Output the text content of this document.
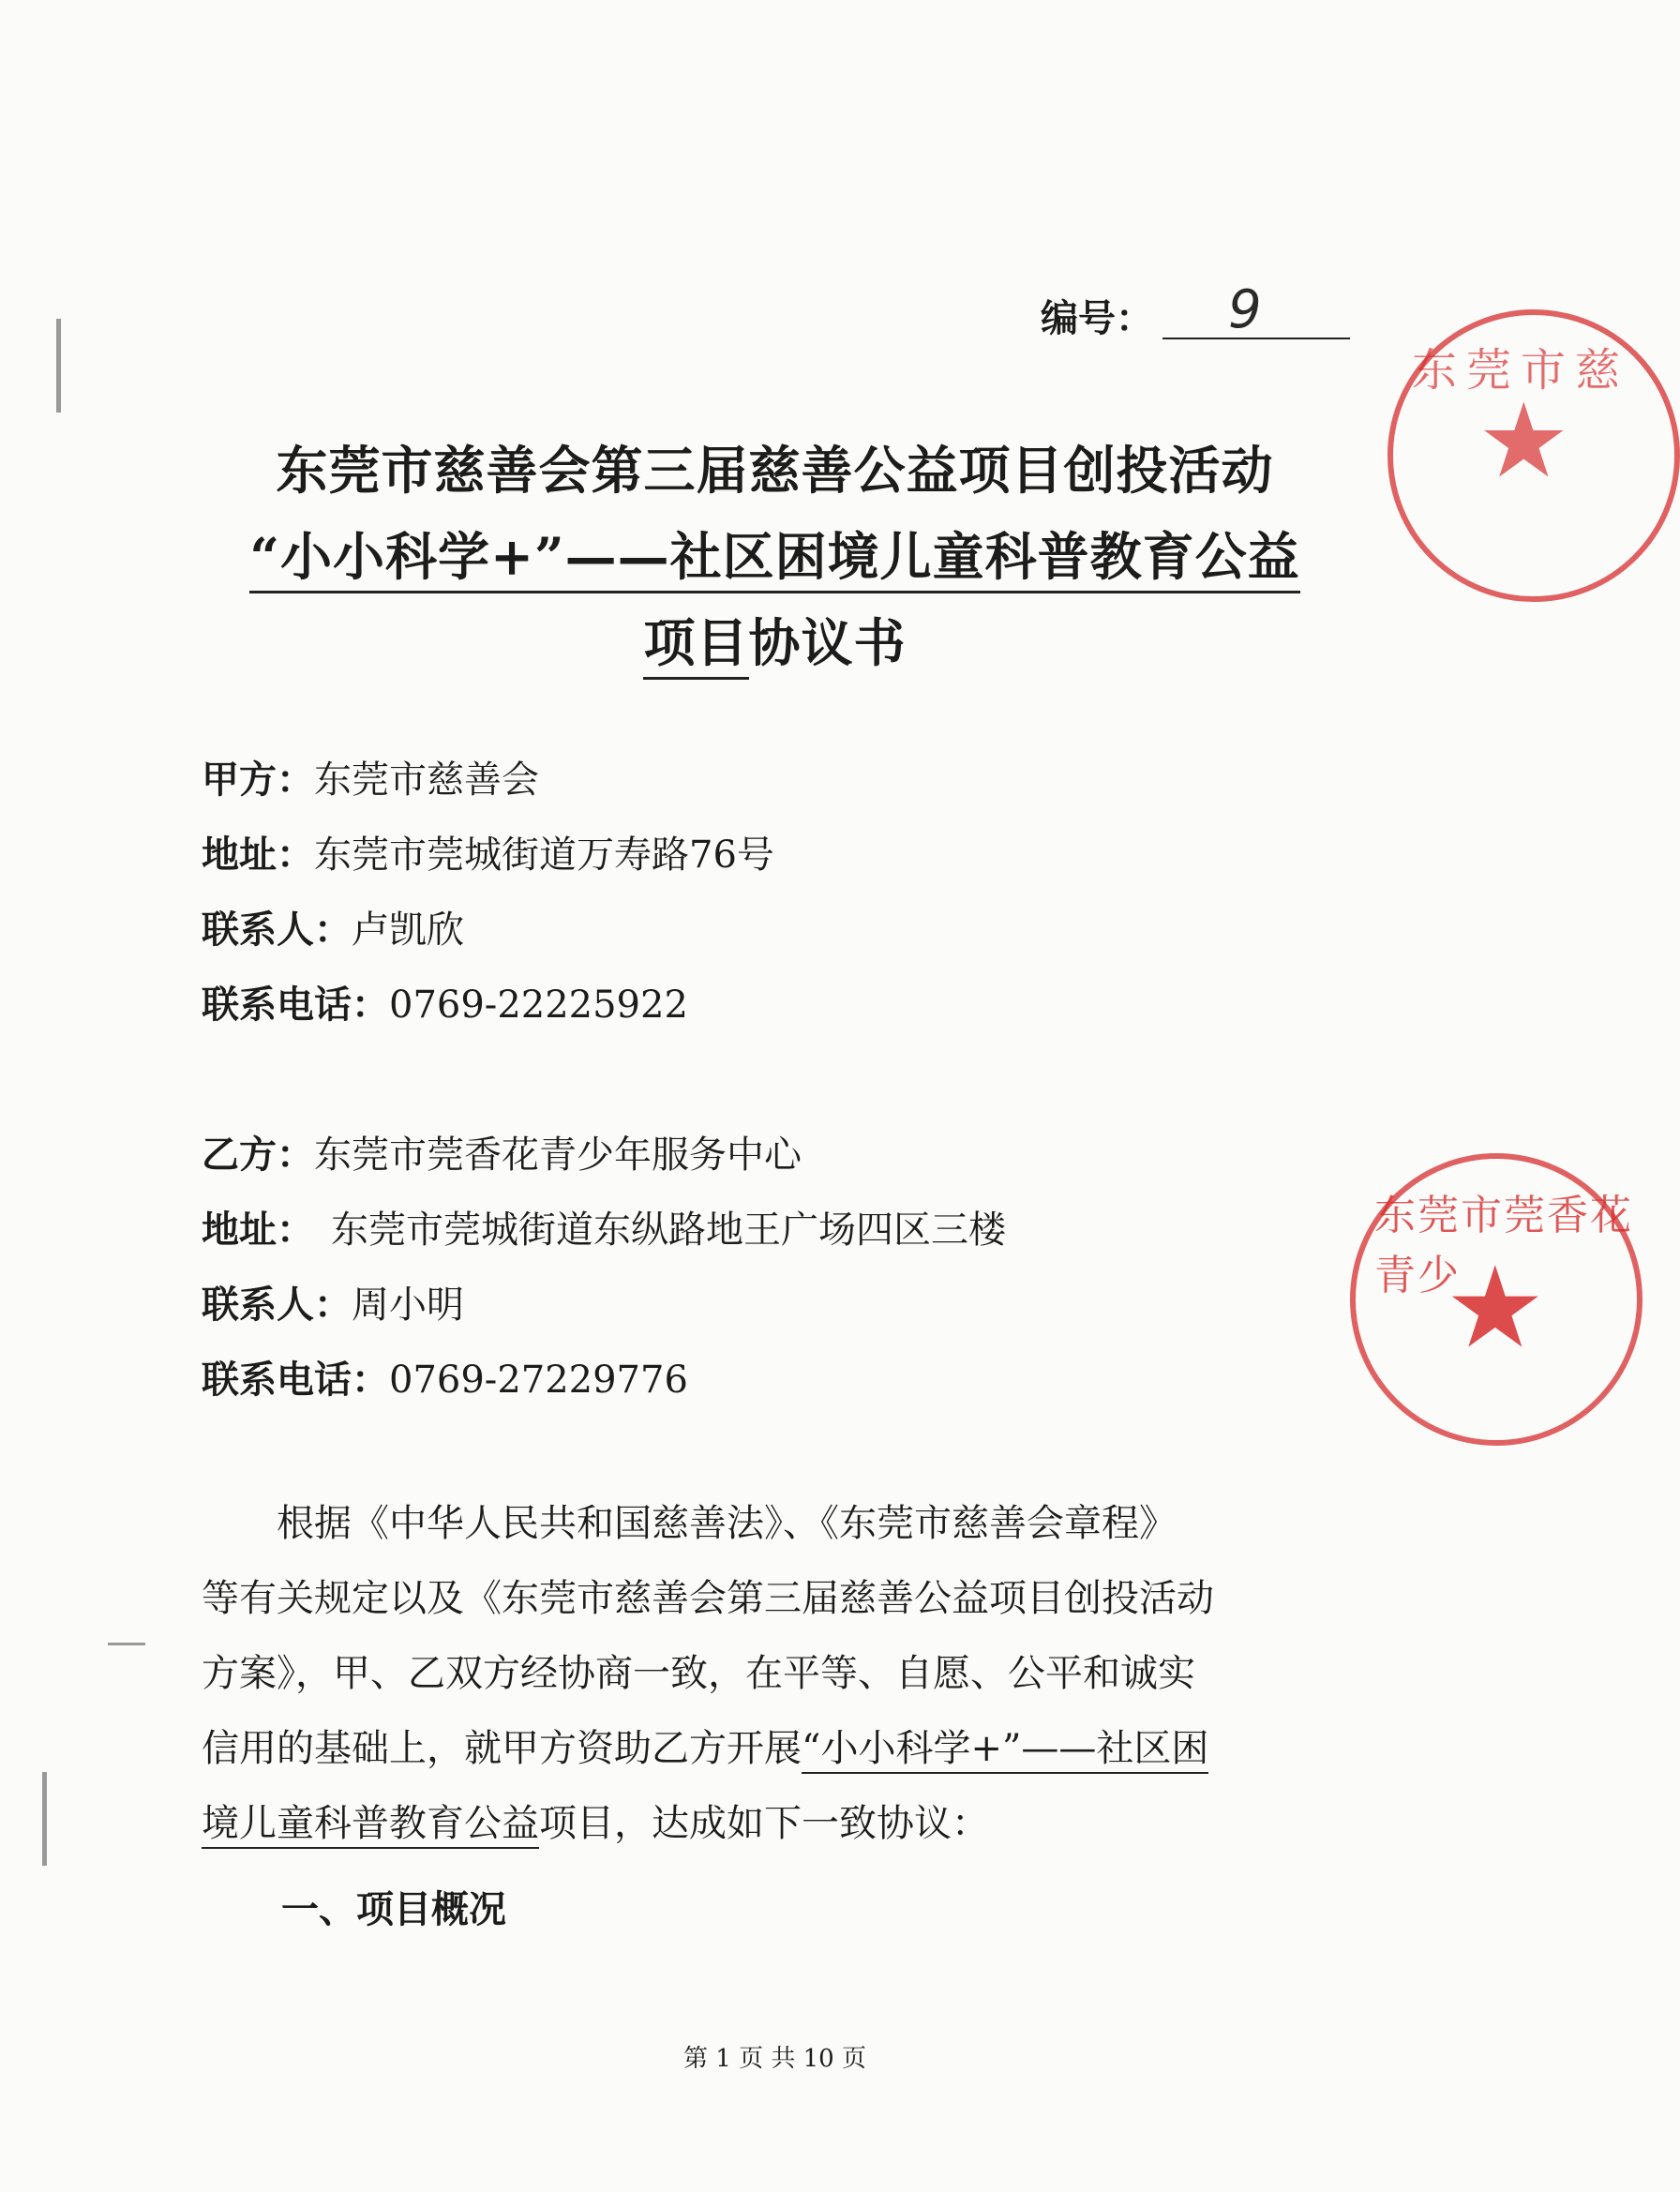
★
东莞市慈
★
东莞市莞香花青少
编号： 9
东莞市慈善会第三届慈善公益项目创投活动
“小小科学+”——社区困境儿童科普教育公益
项目协议书
甲方：东莞市慈善会
地址：东莞市莞城街道万寿路76号
联系人：卢凯欣
联系电话：0769-22225922
乙方：东莞市莞香花青少年服务中心
地址： 东莞市莞城街道东纵路地王广场四区三楼
联系人：周小明
联系电话：0769-27229776

　　根据《中华人民共和国慈善法》、《东莞市慈善会章程》

等有关规定以及《东莞市慈善会第三届慈善公益项目创投活动

方案》，甲、乙双方经协商一致，在平等、自愿、公平和诚实

信用的基础上，就甲方资助乙方开展“小小科学+”——社区困

境儿童科普教育公益项目，达成如下一致协议：

一、项目概况
第 1 页 共 10 页
